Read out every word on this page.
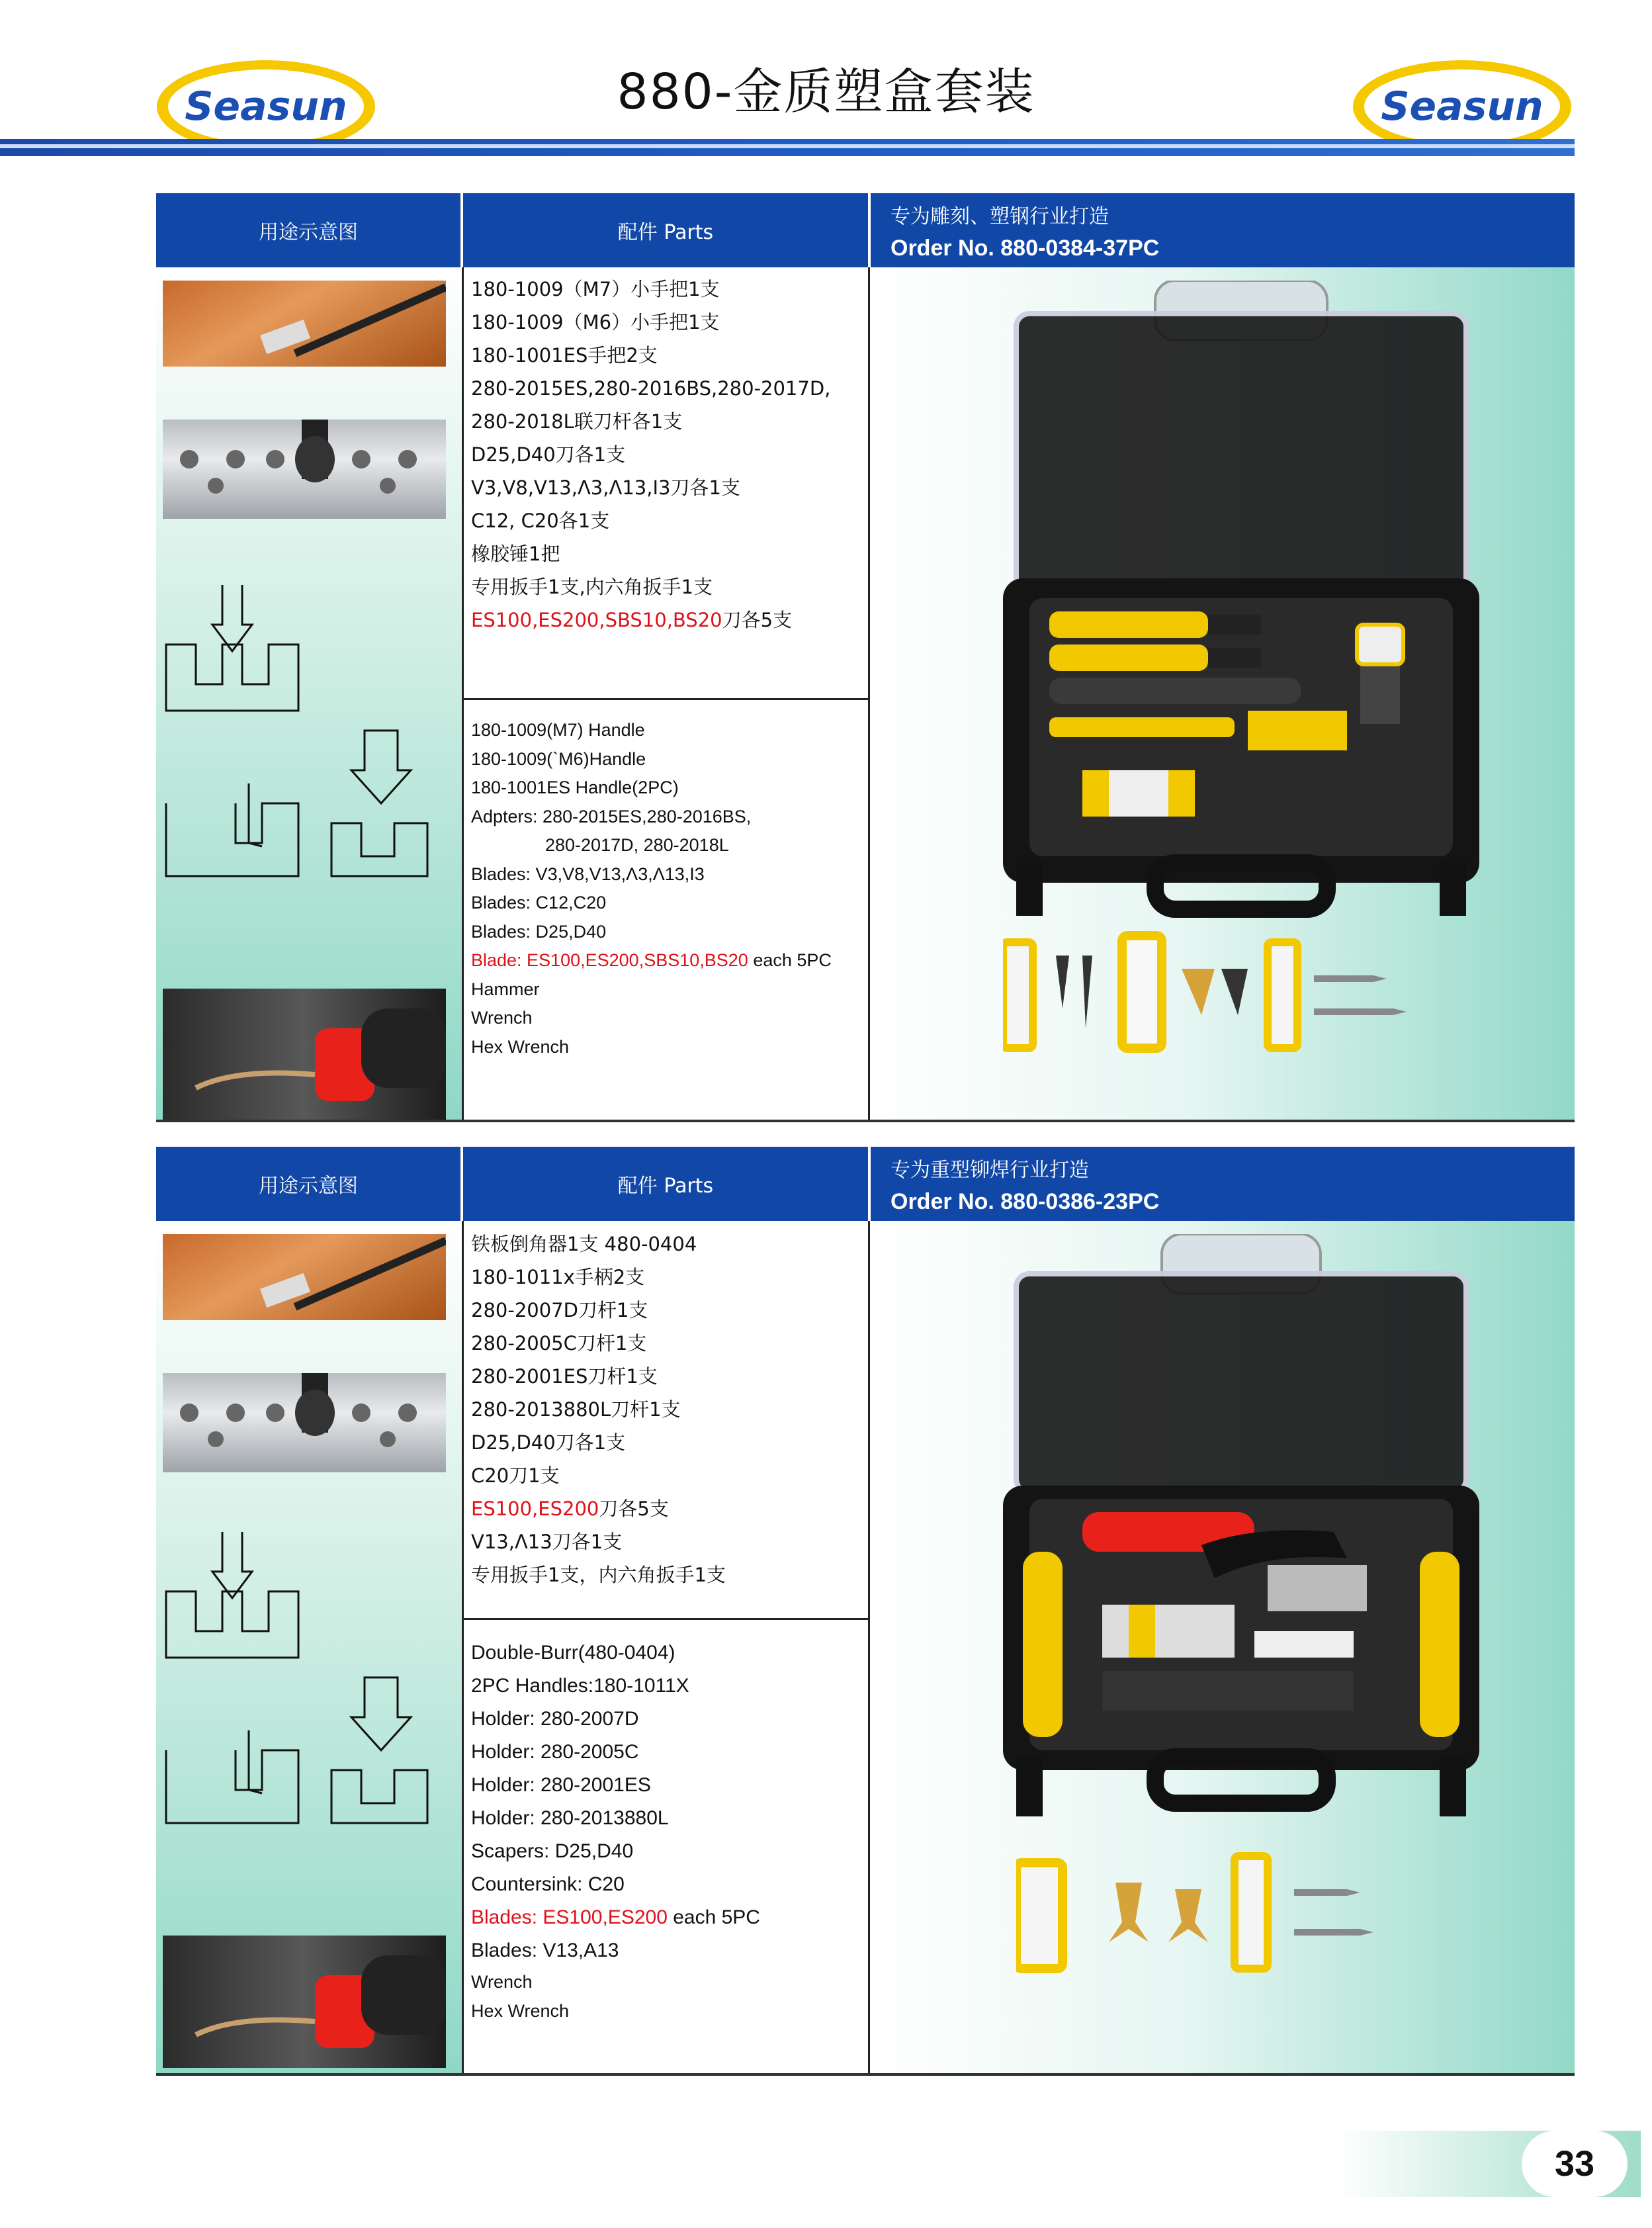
Seasun	Seasun
880-金质塑盒套装
用途示意图	配件 Parts
专为雕刻、塑钢行业打造
Order No. 880-0384-37PC
180-1009（M7）小手把1支
180-1009（M6）小手把1支
180-1001ES手把2支
280-2015ES,280-2016BS,280-2017D,
280-2018L联刀杆各1支
D25,D40刀各1支
V3,V8,V13,Λ3,Λ13,I3刀各1支
C12, C20各1支
橡胶锤1把
专用扳手1支,内六角扳手1支
ES100,ES200,SBS10,BS20刀各5支
180-1009(M7) Handle
180-1009(`M6)Handle
180-1001ES Handle(2PC)
Adpters: 280-2015ES,280-2016BS,
280-2017D, 280-2018L
Blades: V3,V8,V13,Λ3,Λ13,I3
Blades: C12,C20
Blades: D25,D40
Blade: ES100,ES200,SBS10,BS20 each 5PC
Hammer
Wrench
Hex Wrench
用途示意图	配件 Parts
专为重型铆焊行业打造
Order No. 880-0386-23PC
铁板倒角器1支 480-0404
180-1011x手柄2支
280-2007D刀杆1支
280-2005C刀杆1支
280-2001ES刀杆1支
280-2013880L刀杆1支
D25,D40刀各1支
C20刀1支
ES100,ES200刀各5支
V13,Λ13刀各1支
专用扳手1支，内六角扳手1支
Double-Burr(480-0404)
2PC Handles:180-1011X
Holder: 280-2007D
Holder: 280-2005C
Holder: 280-2001ES
Holder: 280-2013880L
Scapers: D25,D40
Countersink: C20
Blades: ES100,ES200 each 5PC
Blades: V13,A13
Wrench
Hex Wrench
33
